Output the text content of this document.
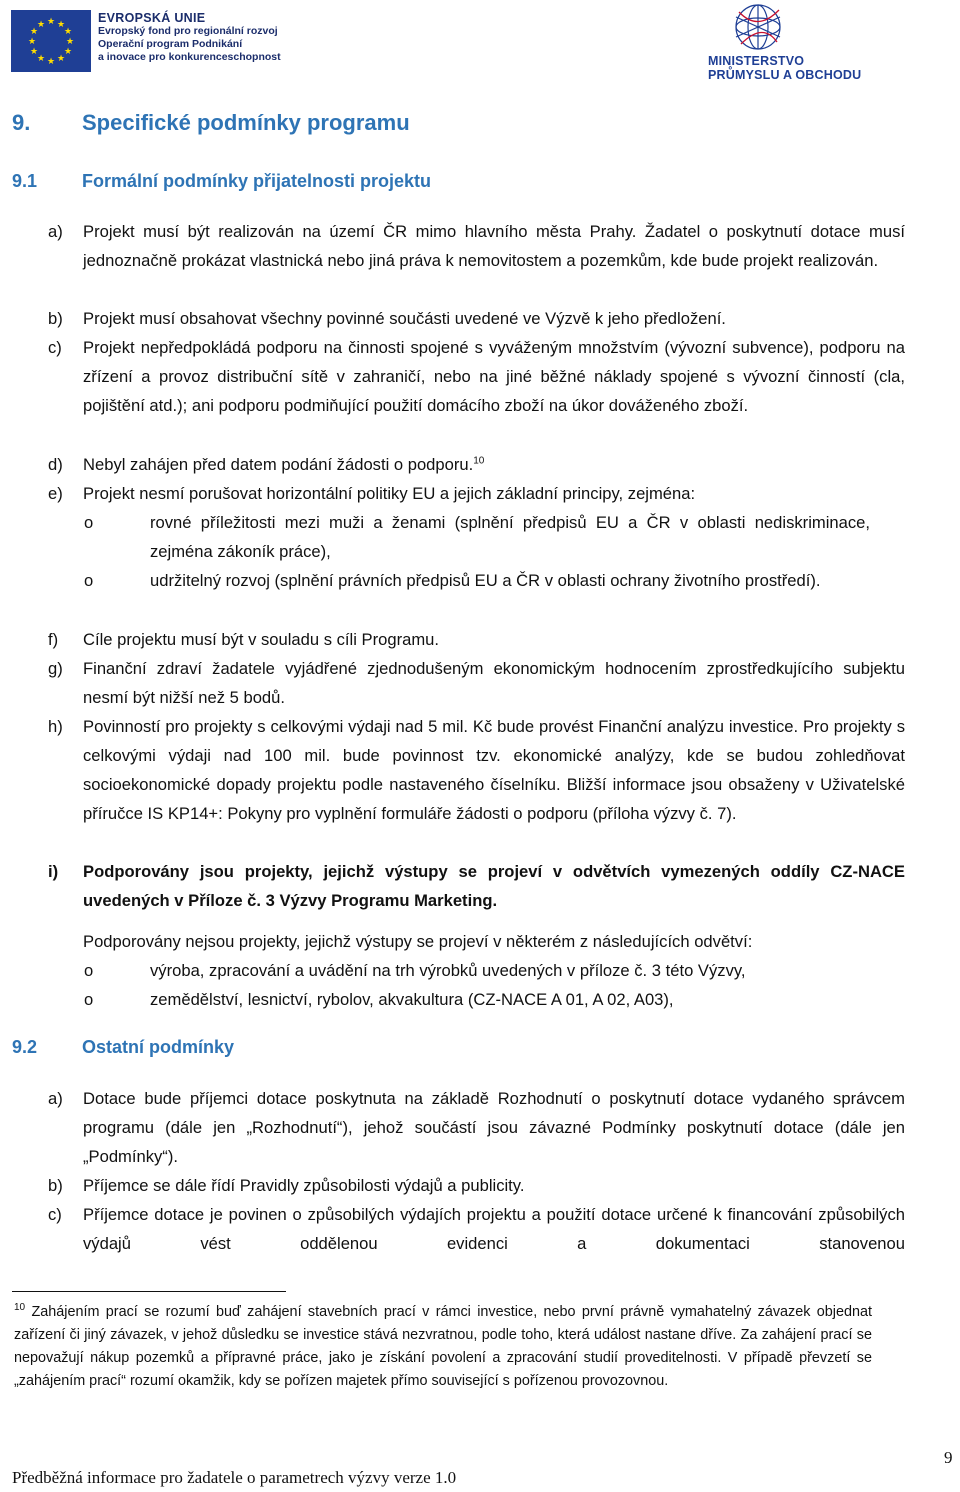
★ ★
★
★
★
★
★
★
★
★
★
★	EVROPSKÁ UNIE
Evropský fond pro regionální rozvoj
Operační program Podnikání
a inovace pro konkurenceschopnost	MINISTERSTVO
PRŮMYSLU A OBCHODU
9. Specifické podmínky programu
9.1 Formální podmínky přijatelnosti projektu
a) Projekt musí být realizován na území ČR mimo hlavního města Prahy. Žadatel o poskytnutí dotace musí jednoznačně prokázat vlastnická nebo jiná práva k nemovitostem a pozemkům, kde bude projekt realizován.
b) Projekt musí obsahovat všechny povinné součásti uvedené ve Výzvě k jeho předložení.
c) Projekt nepředpokládá podporu na činnosti spojené s vyváženým množstvím (vývozní subvence), podporu na zřízení a provoz distribuční sítě v zahraničí, nebo na jiné běžné náklady spojené s vývozní činností (cla, pojištění atd.); ani podporu podmiňující použití domácího zboží na úkor dováženého zboží.
d) Nebyl zahájen před datem podání žádosti o podporu.$^{10}$
e) Projekt nesmí porušovat horizontální politiky EU a jejich základní principy, zejména:
o	rovné příležitosti mezi muži a ženami (splnění předpisů EU a ČR v oblasti nediskriminace, zejména zákoník práce),
o	udržitelný rozvoj (splnění právních předpisů EU a ČR v oblasti ochrany životního prostředí).
f) Cíle projektu musí být v souladu s cíli Programu.
g) Finanční zdraví žadatele vyjádřené zjednodušeným ekonomickým hodnocením zprostředkujícího subjektu nesmí být nižší než 5 bodů.
h) Povinností pro projekty s celkovými výdaji nad 5 mil. Kč bude provést Finanční analýzu investice. Pro projekty s celkovými výdaji nad 100 mil. bude povinnost tzv. ekonomické analýzy, kde se budou zohledňovat socioekonomické dopady projektu podle nastaveného číselníku. Bližší informace jsou obsaženy v Uživatelské příručce IS KP14+: Pokyny pro vyplnění formuláře žádosti o podporu (příloha výzvy č. 7).
i) Podporovány jsou projekty, jejichž výstupy se projeví v odvětvích vymezených oddíly CZ-NACE uvedených v Příloze č. 3 Výzvy Programu Marketing.
Podporovány nejsou projekty, jejichž výstupy se projeví v některém z následujících odvětví:
o	výroba, zpracování a uvádění na trh výrobků uvedených v příloze č. 3 této Výzvy,
o	zemědělství, lesnictví, rybolov, akvakultura (CZ-NACE A 01, A 02, A03),
9.2 Ostatní podmínky
a) Dotace bude příjemci dotace poskytnuta na základě Rozhodnutí o poskytnutí dotace vydaného správcem programu (dále jen „Rozhodnutí“), jehož součástí jsou závazné Podmínky poskytnutí dotace (dále jen „Podmínky“).
b) Příjemce se dále řídí Pravidly způsobilosti výdajů a publicity.
c) Příjemce dotace je povinen o způsobilých výdajích projektu a použití dotace určené k financování způsobilých výdajů vést oddělenou evidenci a dokumentaci stanovenou
$^{10}$ Zahájením prací se rozumí buď zahájení stavebních prací v rámci investice, nebo první právně vymahatelný závazek objednat zařízení či jiný závazek, v jehož důsledku se investice stává nezvratnou, podle toho, která událost nastane dříve. Za zahájení prací se nepovažují nákup pozemků a přípravné práce, jako je získání povolení a zpracování studií proveditelnosti. V případě převzetí se „zahájením prací“ rozumí okamžik, kdy se pořízen majetek přímo související s pořízenou provozovnou.
Předběžná informace pro žadatele o parametrech výzvy verze 1.0
9
